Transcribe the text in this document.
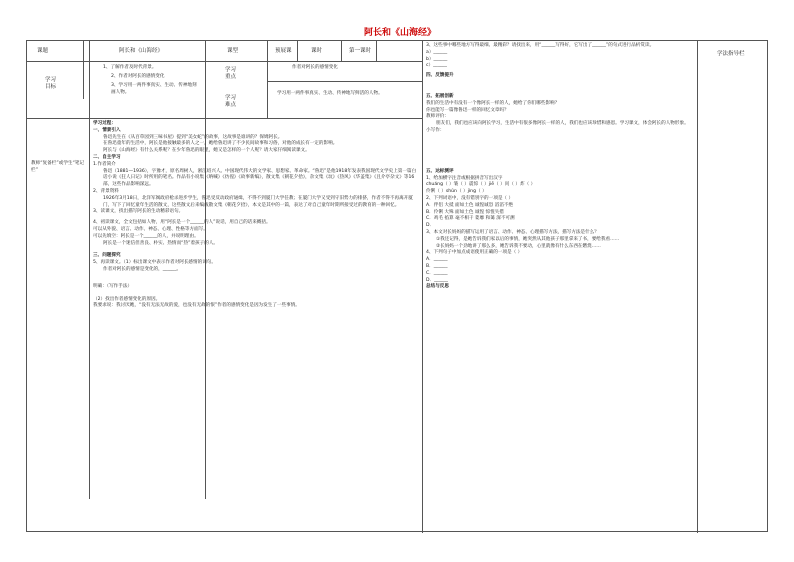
阿长和《山海经》
课题	阿长和《山海经》	课型	预展课	课时	第一课时	学法指导栏
学习
目标
1、了解作者及时代背景。
2、作者对阿长的感情变化
3、学习用一两件事真实、生动、传神地刻画人物。
学习
重点
作者对阿长的感情变化
学习
难点
学习用一两件事真实、生动、传神地写鲜活的人物。
教师“复备栏”或学生“笔记栏”
学习过程：
一、情景引入
鲁迅先生在《从百草园到三味书屋》提到“美女蛇”的故事，这故事是谁讲的？保姆阿长。
在鲁迅童年的生活中，阿长是他接触最多的人之一，她给鲁迅讲了不少民间故事和习俗，对他的成长有一定的影响。
阿长与《山海经》有什么关系呢？在少年鲁迅的眼里，她又是怎样的一个人呢？请大家仔细阅读课文。
二、自主学习
1.作者简介
鲁迅（1881—1936），字豫才，原名周树人，浙江绍兴人。中国现代伟大的文学家、思想家、革命家。“鲁迅”是他1918年发表我国现代文学史上第一篇白话小说《狂人日记》时所用的笔名。作品有小说集《呐喊》《彷徨》《故事新编》，散文集《朝花夕拾》，杂文集《坟》《热风》《华盖集》《且介亭杂文》等16部，这些作品影响深远。
2、背景资料
1926年3月18日，北洋军阀政府枪杀进步学生，鲁迅受反动政府通缉，不得不到厦门大学任教；在厦门大学又受到守旧势力的排挤，作者不得不再离开厦门，写下了回忆童年生活的散文，这些散文后来编成散文集《朝花夕拾》，本文是其中的一篇，表达了对自己童年时期所接受过的教育的一种回忆。
3、读课文，找出描写阿长的生动精彩语句。
4、初读课文，全文包括如人物，用“阿长是一个______的人”说话，用自己的话来概括。
可以从外貌、语言、动作、神态、心理、性格等方面写。
可以先填空：阿长是一个______的人，并说明理由。
阿长是一个迷信但善良、朴实、热情而“热”着孩子的人。
三、问题探究
5、再读课文。（1）标出课文中表示作者对阿长感情的词句。
作者对阿长的感情是变化的，______。
明确：（写作手法）
（2）找出作者感情变化的原因。
我要求说：我讨厌她，“没有无法无故的爱，也没有无故的恨”作者的感情变化是因为发生了一些事情。
3、这些事中哪些地方写得最细、最精彩？请找出来，用“______写得好，它写出了______”的句式进行品析赏读。
a）______
b）______
c）______
四、反馈提升
五、拓展创新
我们的生活中有没有一个像阿长一样的人，她给了你们哪些影响？
你也能写一篇像鲁迅一样的回忆文章吗？
教师评价：
朋友们，我们也应该向阿长学习，生活中有很多像阿长一样的人，我们也应该珍惜和感恩。学习课文，体会阿长的人物形象。
小写作：
五、达标测评
1、给加横字注音或根据拼音写出汉字
chuáng（ ）皱（ ）震惊（ ）jiē（ ）问（ ）炸（ ）
伶俐（ ）shǔn（ ）jìng（ ）
2、下列词语中，没有错别字的一项是（ ）
A．伴侣 大抵 面如土色 诚惶诚恐 滔滔不绝
B．伶俐 大殊 面如土色 诚惶 惊惶失措
C．鸡毛 掐算 毫不相干 萎靡 和蔼 深不可测
D．
3、本文对长妈妈的描写运用了语言、动作、神态、心理描写方法，描写方法是什么？
①我还记得，是她告诉我们家以后的事情，她突然从其他孩子那里拿来了书，要给我看……
②长妈妈一个劲地讲了那么多，她告诉我不要动，心里就像有什么东西在燃烧……
4、下列句子中加点成语使用正确的一项是（ ）
A．______
B．______
C．______
D．______
总结与反思
